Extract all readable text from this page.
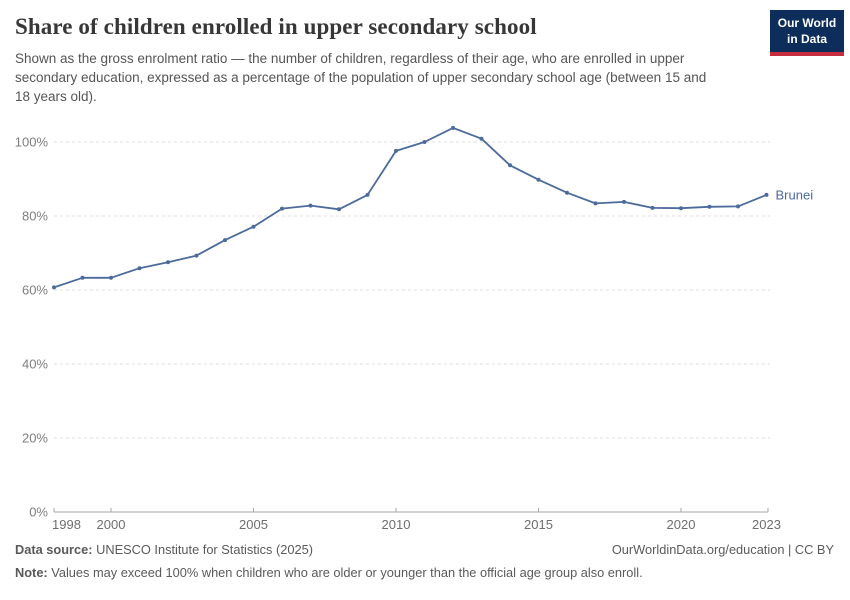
Share of children enrolled in upper secondary school
Shown as the gross enrolment ratio — the number of children, regardless of their age, who are enrolled in upper secondary education, expressed as a percentage of the population of upper secondary school age (between 15 and 18 years old).
Our World
in Data
0%
20%
40%
60%
80%
100%
1998 2000	2005	2010	2015	2020	2023
Brunei
Data source: UNESCO Institute for Statistics (2025)	OurWorldinData.org/education | CC BY
Note: Values may exceed 100% when children who are older or younger than the official age group also enroll.
